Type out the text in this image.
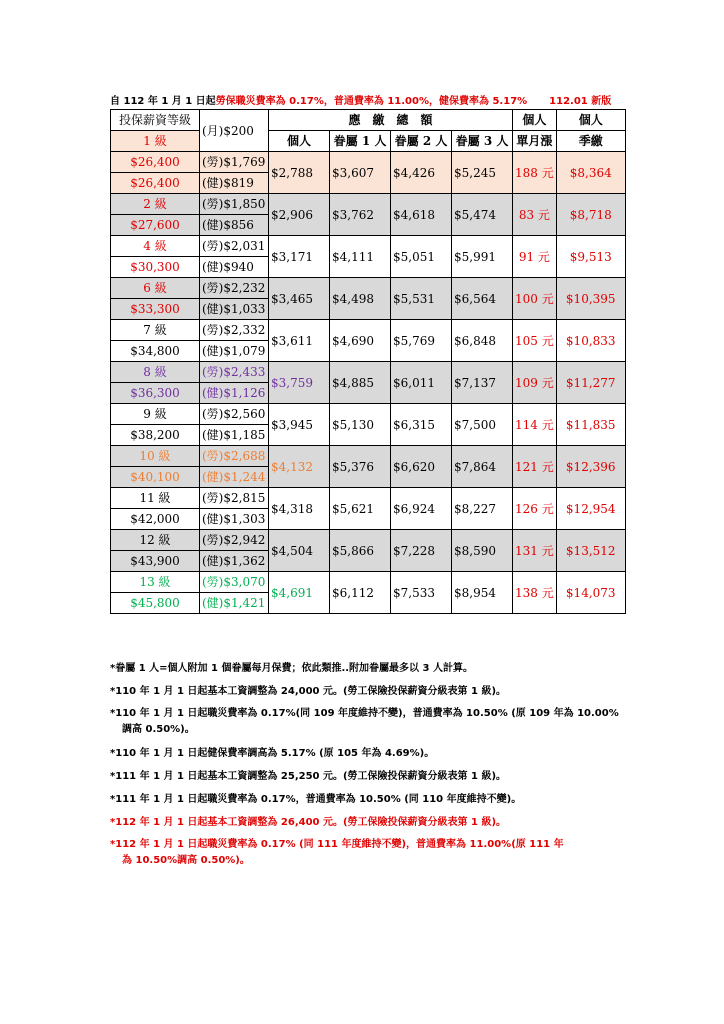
自 112 年 1 月 1 日起勞保職災費率為 0.17%，普通費率為 11.00%，健保費率為 5.17% 112.01 新版
投保薪資等級	(月)$200	應　繳　總　額				個人	個人
1 級		個人	眷屬 1 人	眷屬 2 人	眷屬 3 人	單月漲	季繳
$26,400	(勞)$1,769	$2,788	$3,607	$4,426	$5,245	188 元	$8,364
$26,400	(健)$819						
2 級	(勞)$1,850	$2,906	$3,762	$4,618	$5,474	83 元	$8,718
$27,600	(健)$856						
4 級	(勞)$2,031	$3,171	$4,111	$5,051	$5,991	91 元	$9,513
$30,300	(健)$940						
6 級	(勞)$2,232	$3,465	$4,498	$5,531	$6,564	100 元	$10,395
$33,300	(健)$1,033						
7 級	(勞)$2,332	$3,611	$4,690	$5,769	$6,848	105 元	$10,833
$34,800	(健)$1,079						
8 級	(勞)$2,433	$3,759	$4,885	$6,011	$7,137	109 元	$11,277
$36,300	(健)$1,126						
9 級	(勞)$2,560	$3,945	$5,130	$6,315	$7,500	114 元	$11,835
$38,200	(健)$1,185						
10 級	(勞)$2,688	$4,132	$5,376	$6,620	$7,864	121 元	$12,396
$40,100	(健)$1,244						
11 級	(勞)$2,815	$4,318	$5,621	$6,924	$8,227	126 元	$12,954
$42,000	(健)$1,303						
12 級	(勞)$2,942	$4,504	$5,866	$7,228	$8,590	131 元	$13,512
$43,900	(健)$1,362						
13 級	(勞)$3,070	$4,691	$6,112	$7,533	$8,954	138 元	$14,073
$45,800	(健)$1,421						
*眷屬 1 人=個人附加 1 個眷屬每月保費；依此類推..附加眷屬最多以 3 人計算。
*110 年 1 月 1 日起基本工資調整為 24,000 元。(勞工保險投保薪資分級表第 1 級)。
*110 年 1 月 1 日起職災費率為 0.17%(同 109 年度維持不變)，普通費率為 10.50% (原 109 年為 10.00%
調高 0.50%)。
*110 年 1 月 1 日起健保費率調高為 5.17% (原 105 年為 4.69%)。
*111 年 1 月 1 日起基本工資調整為 25,250 元。(勞工保險投保薪資分級表第 1 級)。
*111 年 1 月 1 日起職災費率為 0.17%，普通費率為 10.50% (同 110 年度維持不變)。
*112 年 1 月 1 日起基本工資調整為 26,400 元。(勞工保險投保薪資分級表第 1 級)。
*112 年 1 月 1 日起職災費率為 0.17% (同 111 年度維持不變)，普通費率為 11.00%(原 111 年
為 10.50%調高 0.50%)。
